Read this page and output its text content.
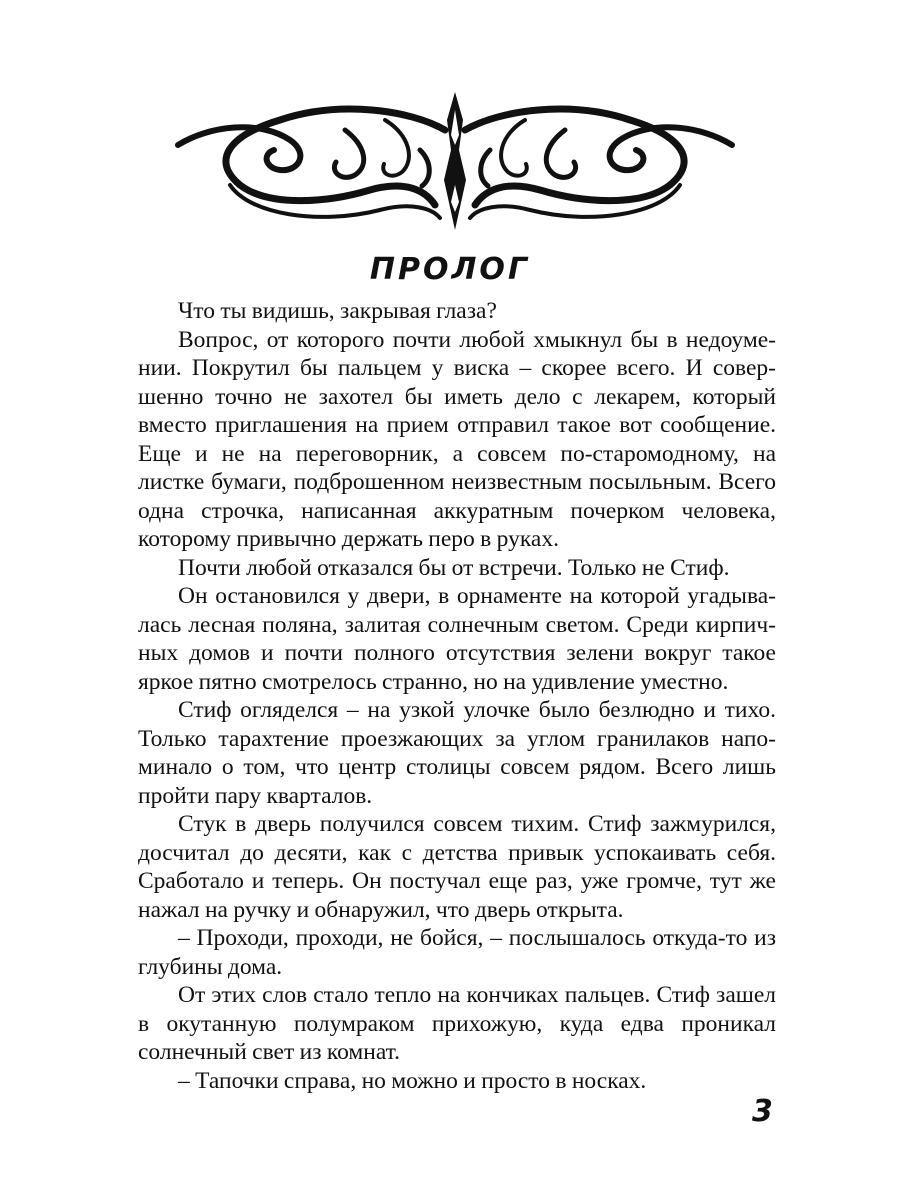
ПРОЛОГ

Что ты видишь, закрывая глаза?

Вопрос, от которого почти любой хмыкнул бы в недоумении. Покрутил бы пальцем у виска – скорее всего. И совершенно точно не захотел бы иметь дело с лекарем, который вместо приглашения на прием отправил такое вот сообщение. Еще и не на переговорник, а совсем по-старомодному, на листке бумаги, подброшенном неизвестным посыльным. Всего одна строчка, написанная аккуратным почерком человека, которому привычно держать перо в руках.

Почти любой отказался бы от встречи. Только не Стиф.

Он остановился у двери, в орнаменте на которой угадывалась лесная поляна, залитая солнечным светом. Среди кирпичных домов и почти полного отсутствия зелени вокруг такое яркое пятно смотрелось странно, но на удивление уместно.

Стиф огляделся – на узкой улочке было безлюдно и тихо. Только тарахтение проезжающих за углом гранилаков напоминало о том, что центр столицы совсем рядом. Всего лишь пройти пару кварталов.

Стук в дверь получился совсем тихим. Стиф зажмурился, досчитал до десяти, как с детства привык успокаивать себя. Сработало и теперь. Он постучал еще раз, уже громче, тут же нажал на ручку и обнаружил, что дверь открыта.

– Проходи, проходи, не бойся, – послышалось откуда-то из глубины дома.

От этих слов стало тепло на кончиках пальцев. Стиф зашел в окутанную полумраком прихожую, куда едва проникал солнечный свет из комнат.

– Тапочки справа, но можно и просто в носках.

3
